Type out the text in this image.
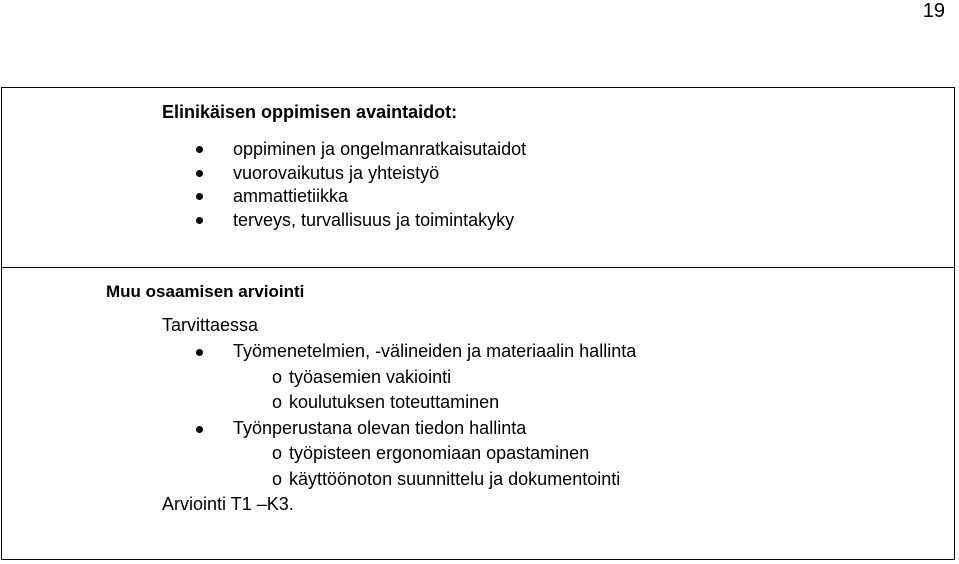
19
Elinikäisen oppimisen avaintaidot:
oppiminen ja ongelmanratkaisutaidot
vuorovaikutus ja yhteistyö
ammattietiikka
terveys, turvallisuus ja toimintakyky
Muu osaamisen arviointi
Tarvittaessa
Työmenetelmien, -välineiden ja materiaalin hallinta
o työasemien vakiointi
o koulutuksen toteuttaminen
Työnperustana olevan tiedon hallinta
o työpisteen ergonomiaan opastaminen
o käyttöönoton suunnittelu ja dokumentointi
Arviointi T1 –K3.
